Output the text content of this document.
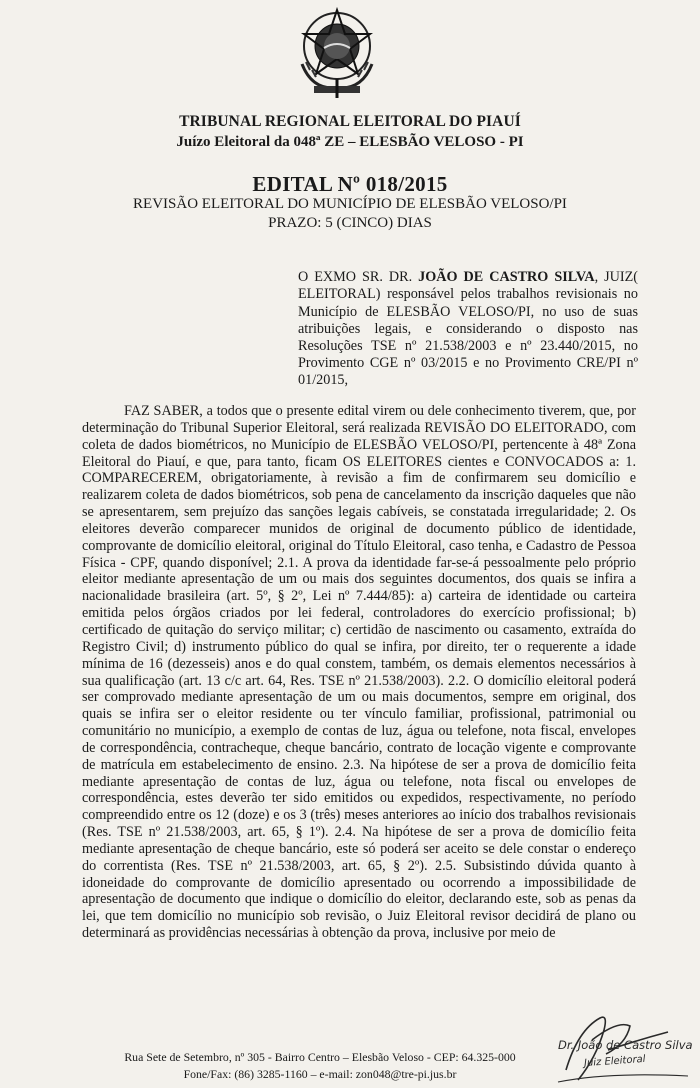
TRIBUNAL REGIONAL ELEITORAL DO PIAUÍ
Juízo Eleitoral da 048ª ZE – ELESBÃO VELOSO - PI
EDITAL Nº 018/2015
REVISÃO ELEITORAL DO MUNICÍPIO DE ELESBÃO VELOSO/PI
PRAZO: 5 (CINCO) DIAS

O EXMO SR. DR. JOÃO DE CASTRO SILVA, JUIZ( ELEITORAL) responsável pelos trabalhos revisionais no Município de ELESBÃO VELOSO/PI, no uso de suas atribuições legais, e considerando o disposto nas Resoluções TSE nº 21.538/2003 e nº 23.440/2015, no Provimento CGE nº 03/2015 e no Provimento CRE/PI nº 01/2015,

FAZ SABER, a todos que o presente edital virem ou dele conhecimento tiverem, que, por determinação do Tribunal Superior Eleitoral, será realizada REVISÃO DO ELEITORADO, com coleta de dados biométricos, no Município de ELESBÃO VELOSO/PI, pertencente à 48ª Zona Eleitoral do Piauí, e que, para tanto, ficam OS ELEITORES cientes e CONVOCADOS a: 1. COMPARECEREM, obrigatoriamente, à revisão a fim de confirmarem seu domicílio e realizarem coleta de dados biométricos, sob pena de cancelamento da inscrição daqueles que não se apresentarem, sem prejuízo das sanções legais cabíveis, se constatada irregularidade; 2. Os eleitores deverão comparecer munidos de original de documento público de identidade, comprovante de domicílio eleitoral, original do Título Eleitoral, caso tenha, e Cadastro de Pessoa Física - CPF, quando disponível; 2.1. A prova da identidade far-se-á pessoalmente pelo próprio eleitor mediante apresentação de um ou mais dos seguintes documentos, dos quais se infira a nacionalidade brasileira (art. 5º, § 2º, Lei nº 7.444/85): a) carteira de identidade ou carteira emitida pelos órgãos criados por lei federal, controladores do exercício profissional; b) certificado de quitação do serviço militar; c) certidão de nascimento ou casamento, extraída do Registro Civil; d) instrumento público do qual se infira, por direito, ter o requerente a idade mínima de 16 (dezesseis) anos e do qual constem, também, os demais elementos necessários à sua qualificação (art. 13 c/c art. 64, Res. TSE nº 21.538/2003). 2.2. O domicílio eleitoral poderá ser comprovado mediante apresentação de um ou mais documentos, sempre em original, dos quais se infira ser o eleitor residente ou ter vínculo familiar, profissional, patrimonial ou comunitário no município, a exemplo de contas de luz, água ou telefone, nota fiscal, envelopes de correspondência, contracheque, cheque bancário, contrato de locação vigente e comprovante de matrícula em estabelecimento de ensino. 2.3. Na hipótese de ser a prova de domicílio feita mediante apresentação de contas de luz, água ou telefone, nota fiscal ou envelopes de correspondência, estes deverão ter sido emitidos ou expedidos, respectivamente, no período compreendido entre os 12 (doze) e os 3 (três) meses anteriores ao início dos trabalhos revisionais (Res. TSE nº 21.538/2003, art. 65, § 1º). 2.4. Na hipótese de ser a prova de domicílio feita mediante apresentação de cheque bancário, este só poderá ser aceito se dele constar o endereço do correntista (Res. TSE nº 21.538/2003, art. 65, § 2º). 2.5. Subsistindo dúvida quanto à idoneidade do comprovante de domicílio apresentado ou ocorrendo a impossibilidade de apresentação de documento que indique o domicílio do eleitor, declarando este, sob as penas da lei, que tem domicílio no município sob revisão, o Juiz Eleitoral revisor decidirá de plano ou determinará as providências necessárias à obtenção da prova, inclusive por meio de

Rua Sete de Setembro, nº 305 - Bairro Centro – Elesbão Veloso - CEP: 64.325-000
Fone/Fax: (86) 3285-1160 – e-mail: zon048@tre-pi.jus.br
Dr. João de Castro Silva
Juiz Eleitoral
